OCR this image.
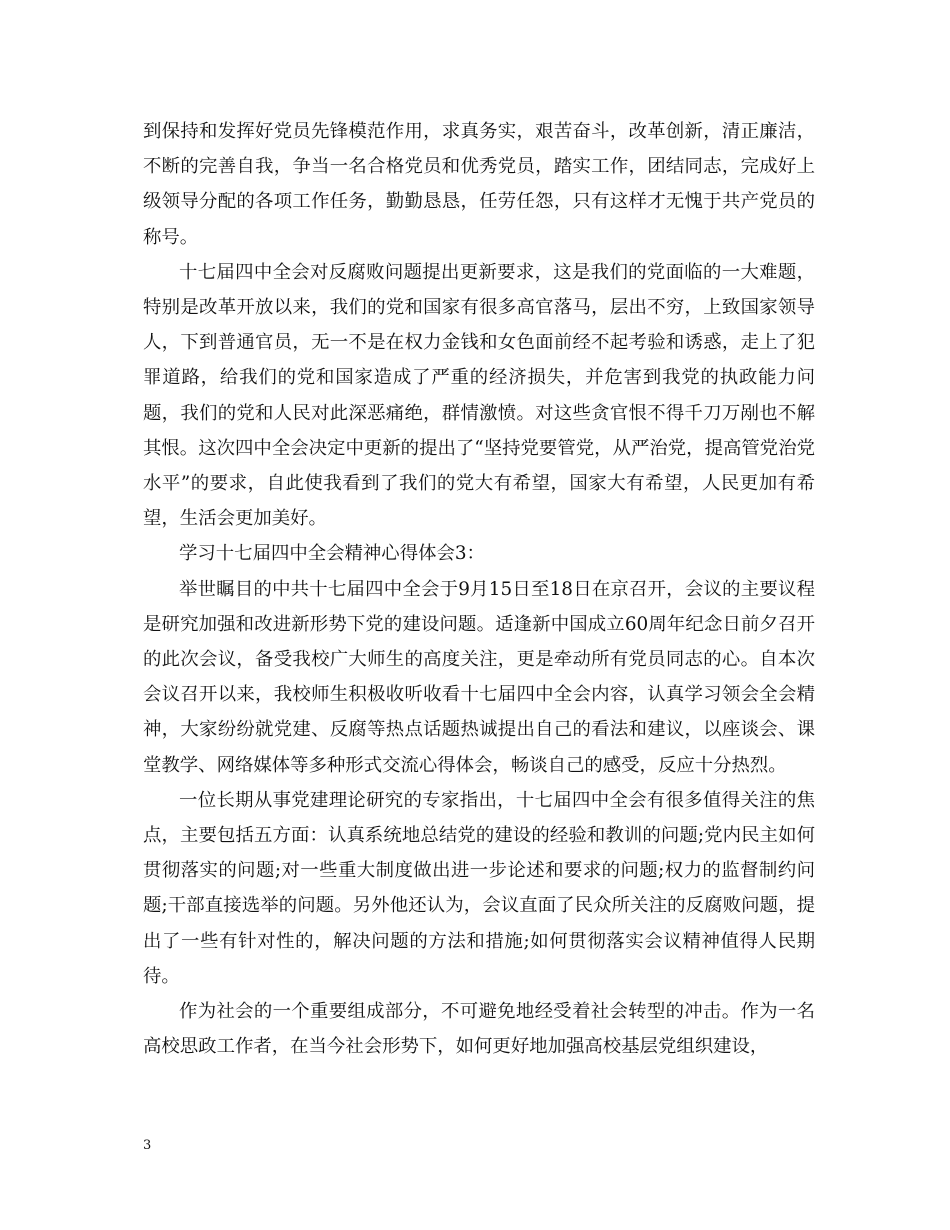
到保持和发挥好党员先锋模范作用，求真务实，艰苦奋斗，改革创新，清正廉洁，不断的完善自我，争当一名合格党员和优秀党员，踏实工作，团结同志，完成好上级领导分配的各项工作任务，勤勤恳恳，任劳任怨，只有这样才无愧于共产党员的称号。

十七届四中全会对反腐败问题提出更新要求，这是我们的党面临的一大难题，特别是改革开放以来，我们的党和国家有很多高官落马，层出不穷，上致国家领导人，下到普通官员，无一不是在权力金钱和女色面前经不起考验和诱惑，走上了犯罪道路，给我们的党和国家造成了严重的经济损失，并危害到我党的执政能力问题，我们的党和人民对此深恶痛绝，群情激愤。对这些贪官恨不得千刀万剐也不解其恨。这次四中全会决定中更新的提出了“坚持党要管党，从严治党，提高管党治党水平”的要求，自此使我看到了我们的党大有希望，国家大有希望，人民更加有希望，生活会更加美好。

学习十七届四中全会精神心得体会3：

举世瞩目的中共十七届四中全会于9月15日至18日在京召开，会议的主要议程是研究加强和改进新形势下党的建设问题。适逢新中国成立60周年纪念日前夕召开的此次会议，备受我校广大师生的高度关注，更是牵动所有党员同志的心。自本次会议召开以来，我校师生积极收听收看十七届四中全会内容，认真学习领会全会精神，大家纷纷就党建、反腐等热点话题热诚提出自己的看法和建议，以座谈会、课堂教学、网络媒体等多种形式交流心得体会，畅谈自己的感受，反应十分热烈。

一位长期从事党建理论研究的专家指出，十七届四中全会有很多值得关注的焦点，主要包括五方面：认真系统地总结党的建设的经验和教训的问题;党内民主如何贯彻落实的问题;对一些重大制度做出进一步论述和要求的问题;权力的监督制约问题;干部直接选举的问题。另外他还认为，会议直面了民众所关注的反腐败问题，提出了一些有针对性的，解决问题的方法和措施;如何贯彻落实会议精神值得人民期待。

作为社会的一个重要组成部分，不可避免地经受着社会转型的冲击。作为一名高校思政工作者，在当今社会形势下，如何更好地加强高校基层党组织建设，

3
